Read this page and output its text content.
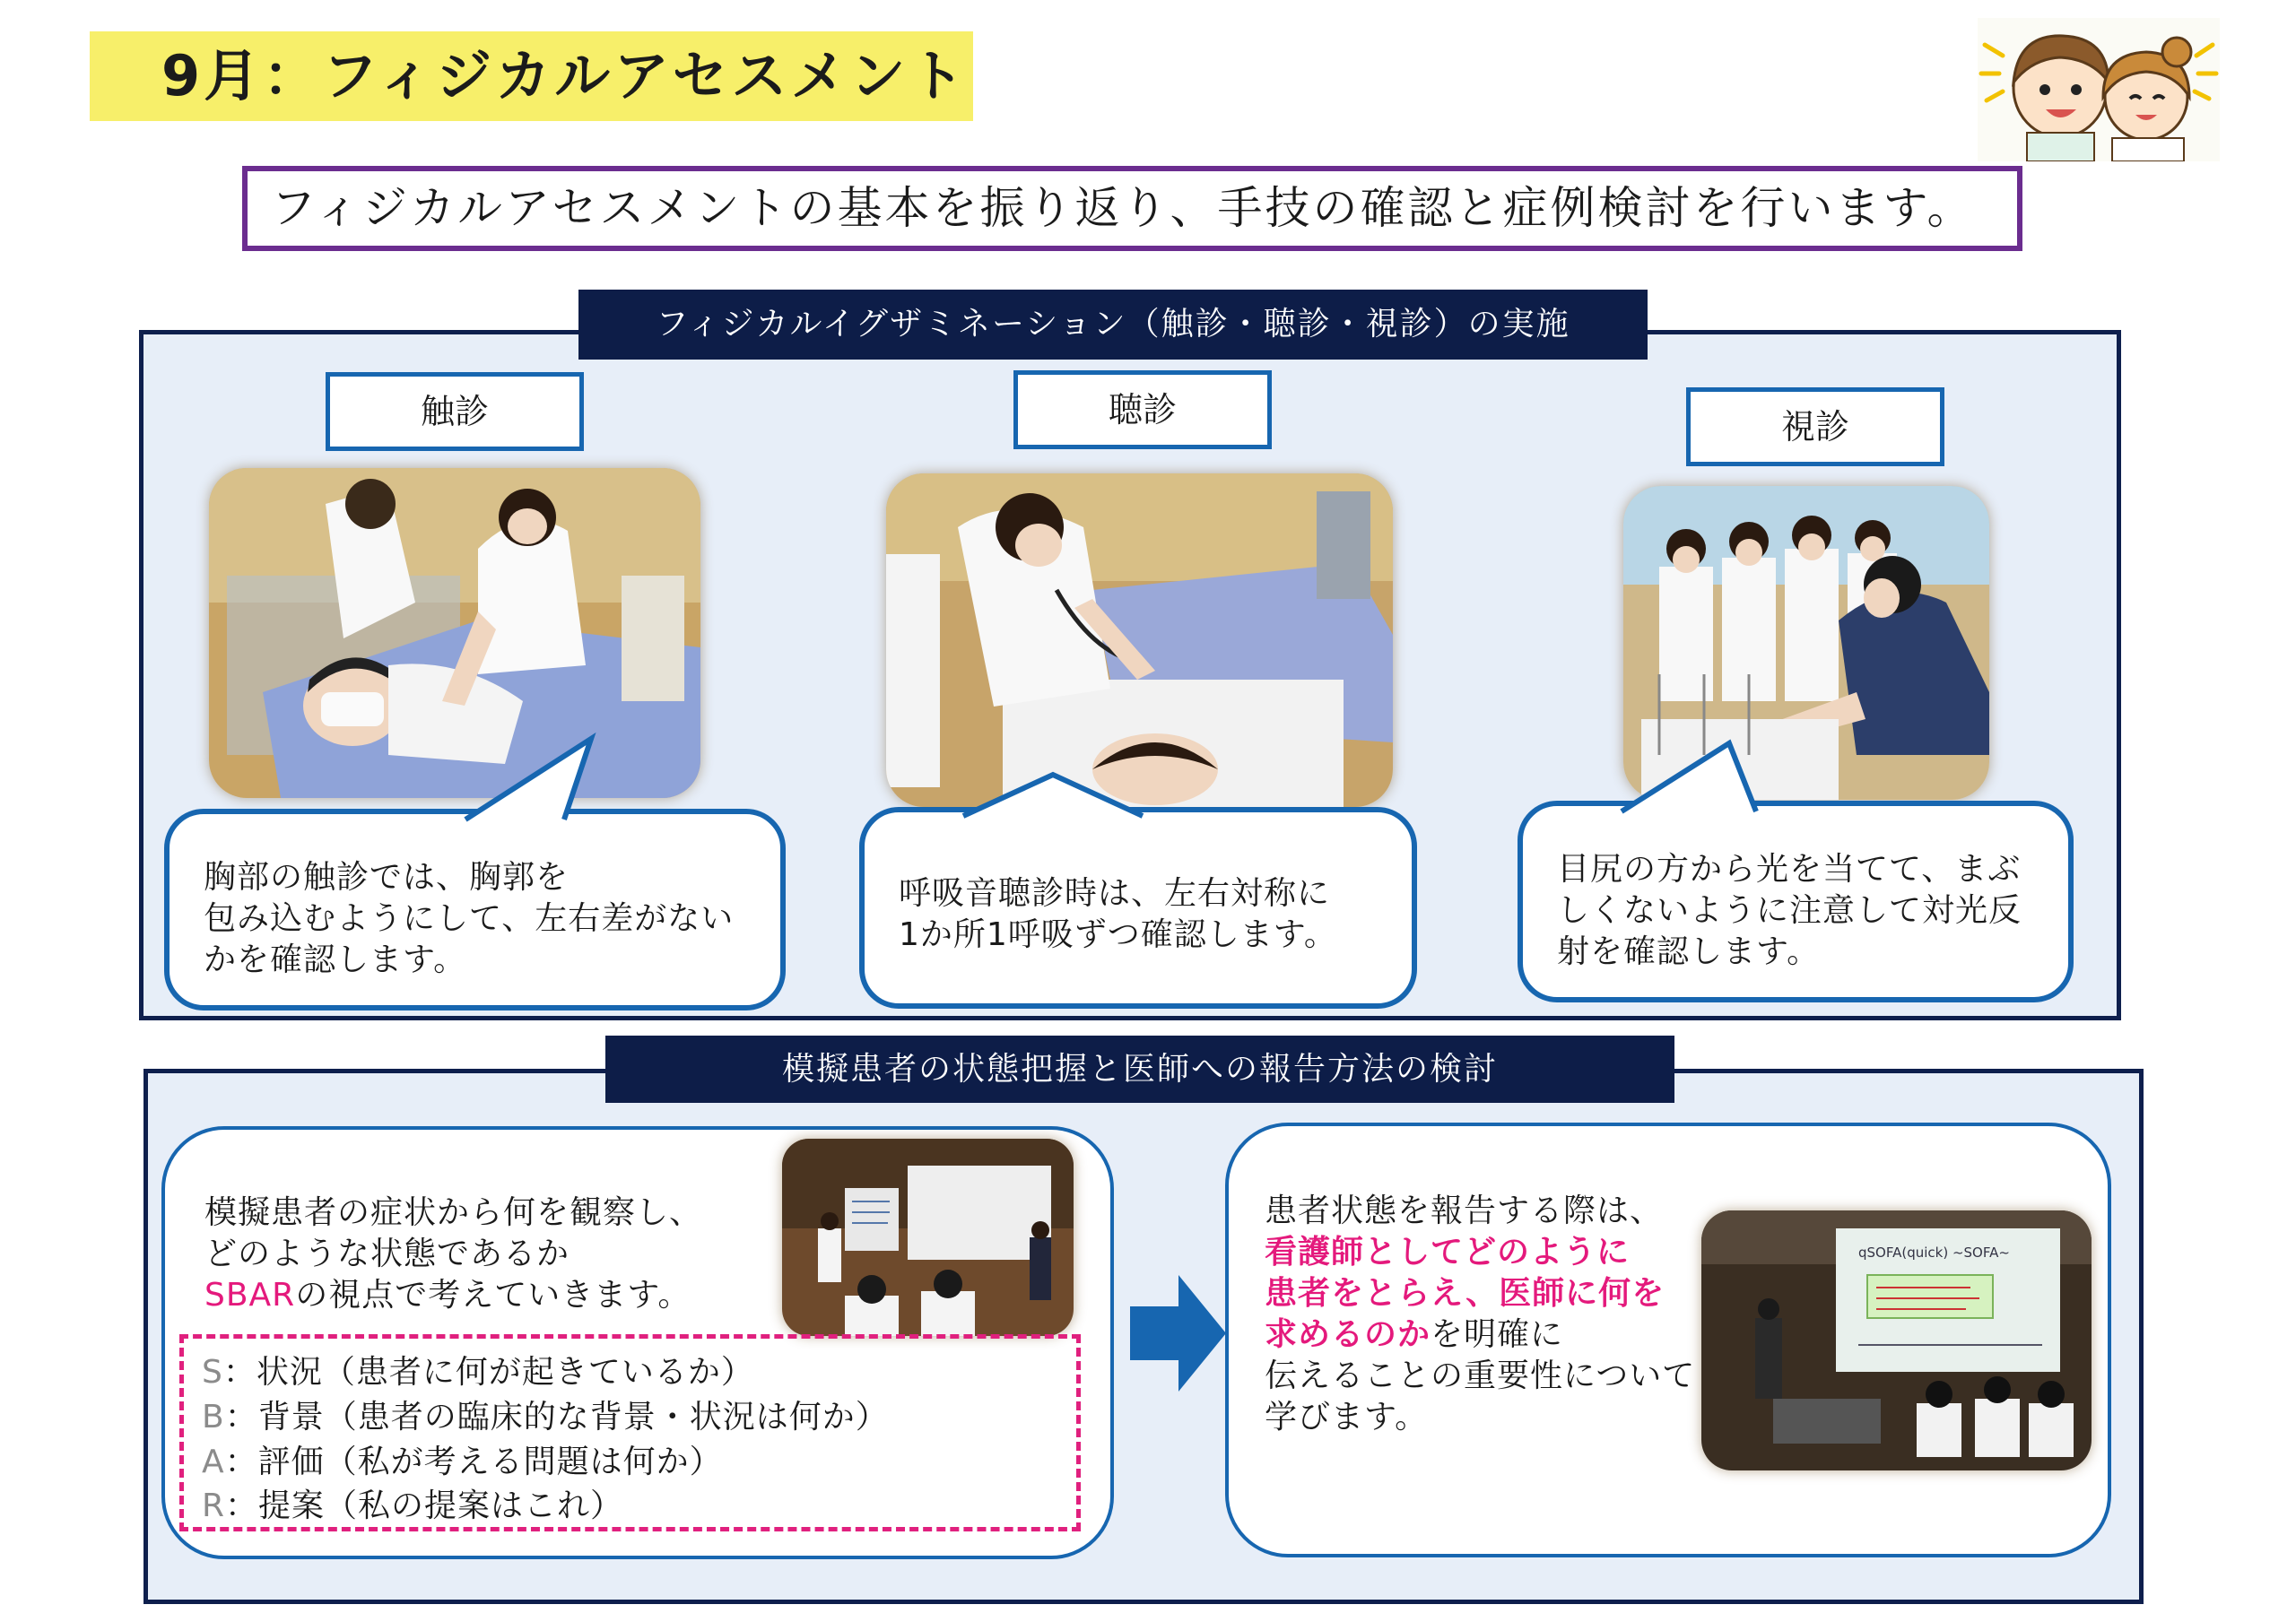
9月：フィジカルアセスメント
フィジカルアセスメントの基本を振り返り、手技の確認と症例検討を行います。
フィジカルイグザミネーション（触診・聴診・視診）の実施
触診	聴診	視診
胸部の触診では、胸郭を
包み込むようにして、左右差がない
かを確認します。
呼吸音聴診時は、左右対称に
1か所1呼吸ずつ確認します。
目尻の方から光を当てて、まぶ
しくないように注意して対光反
射を確認します。
模擬患者の状態把握と医師への報告方法の検討
模擬患者の症状から何を観察し、
どのような状態であるか
SBARの視点で考えていきます。
S：状況（患者に何が起きているか）
B：背景（患者の臨床的な背景・状況は何か）
A：評価（私が考える問題は何か）
R：提案（私の提案はこれ）
患者状態を報告する際は、
看護師としてどのように
患者をとらえ、医師に何を
求めるのかを明確に
伝えることの重要性について
学びます。
qSOFA(quick) ~SOFA~
